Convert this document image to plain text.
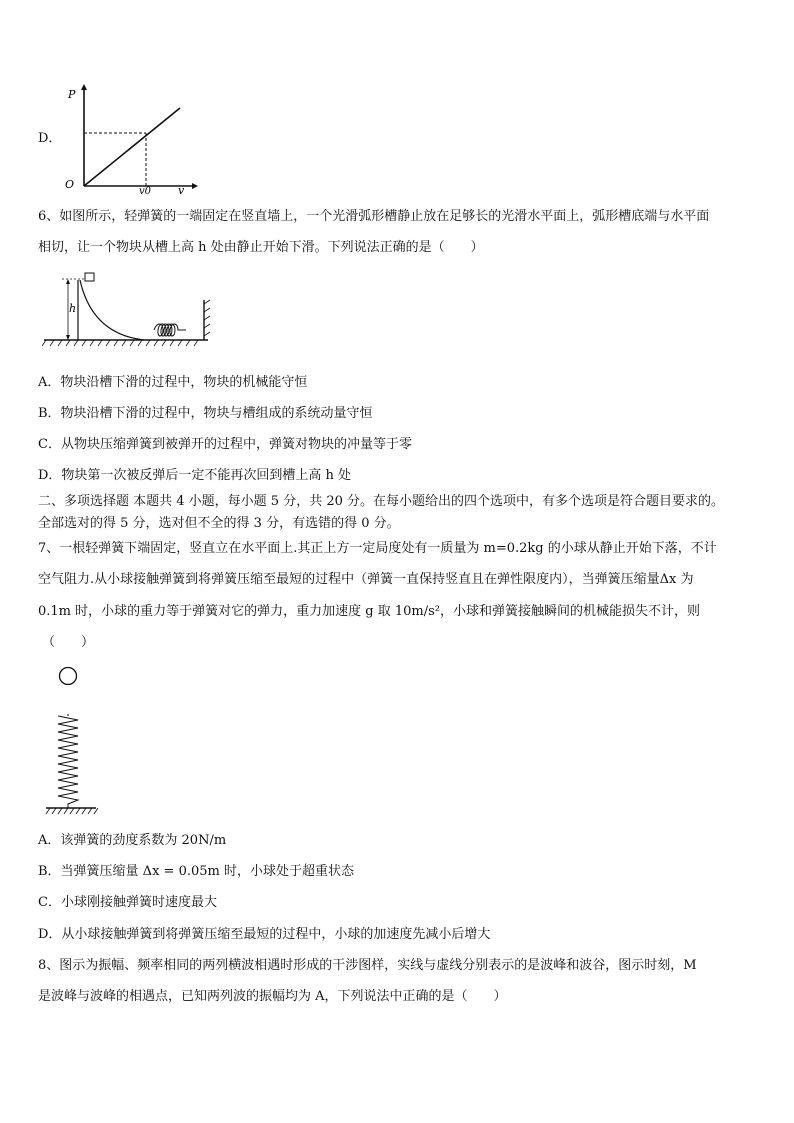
D．
P
O
v0 v
6、如图所示，轻弹簧的一端固定在竖直墙上，一个光滑弧形槽静止放在足够长的光滑水平面上，弧形槽底端与水平面
相切，让一个物块从槽上高 h 处由静止开始下滑。下列说法正确的是（　　）
h
A．物块沿槽下滑的过程中，物块的机械能守恒
B．物块沿槽下滑的过程中，物块与槽组成的系统动量守恒
C．从物块压缩弹簧到被弹开的过程中，弹簧对物块的冲量等于零
D．物块第一次被反弹后一定不能再次回到槽上高 h 处
二、多项选择题 本题共 4 小题，每小题 5 分，共 20 分。在每小题给出的四个选项中，有多个选项是符合题目要求的。
全部选对的得 5 分，选对但不全的得 3 分，有选错的得 0 分。
7、一根轻弹簧下端固定，竖直立在水平面上.其正上方一定局度处有一质量为 m=0.2kg 的小球从静止开始下落，不计
空气阻力.从小球接触弹簧到将弹簧压缩至最短的过程中（弹簧一直保持竖直且在弹性限度内），当弹簧压缩量Δx 为
0.1m 时，小球的重力等于弹簧对它的弹力，重力加速度 g 取 10m/s²，小球和弹簧接触瞬间的机械能损失不计，则
（　　）
A．该弹簧的劲度系数为 20N/m
B．当弹簧压缩量 Δx = 0.05m 时，小球处于超重状态
C．小球刚接触弹簧时速度最大
D．从小球接触弹簧到将弹簧压缩至最短的过程中，小球的加速度先减小后增大
8、图示为振幅、频率相同的两列横波相遇时形成的干涉图样，实线与虚线分别表示的是波峰和波谷，图示时刻，M
是波峰与波峰的相遇点，已知两列波的振幅均为 A，下列说法中正确的是（　　）
